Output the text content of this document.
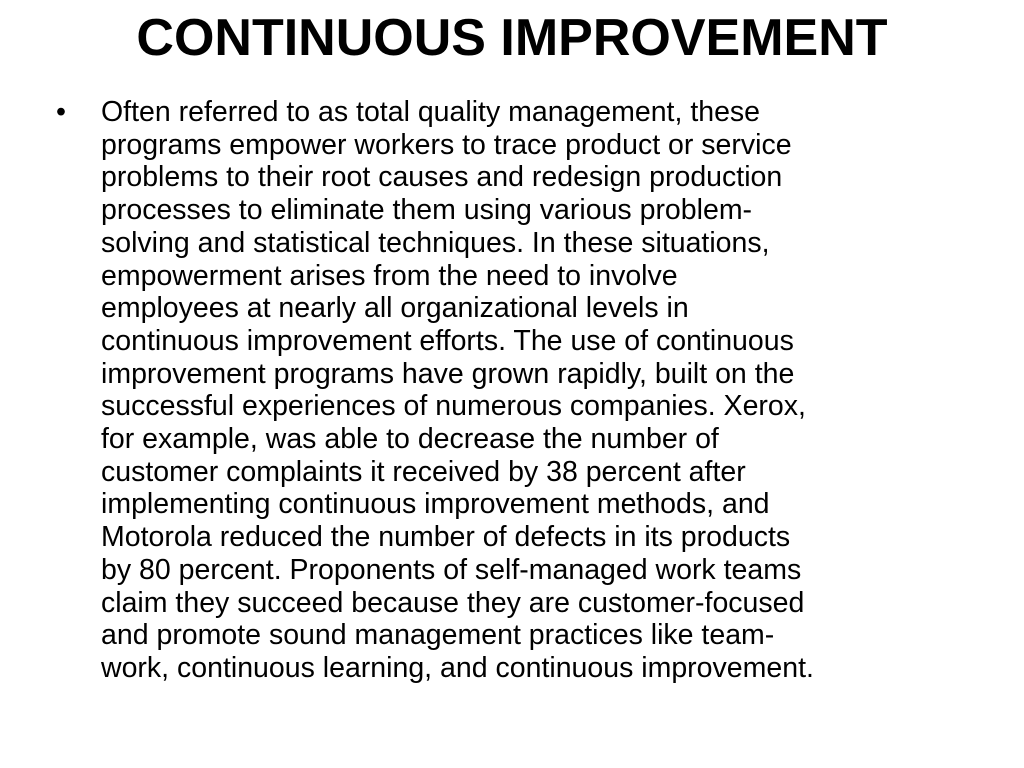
CONTINUOUS IMPROVEMENT
• Often referred to as total quality management, these
programs empower workers to trace product or service
problems to their root causes and redesign production
processes to eliminate them using various problem-
solving and statistical techniques. In these situations,
empowerment arises from the need to involve
employees at nearly all organizational levels in
continuous improvement efforts. The use of continuous
improvement programs have grown rapidly, built on the
successful experiences of numerous companies. Xerox,
for example, was able to decrease the number of
customer complaints it received by 38 percent after
implementing continuous improvement methods, and
Motorola reduced the number of defects in its products
by 80 percent. Proponents of self-managed work teams
claim they succeed because they are customer-focused
and promote sound management practices like team-
work, continuous learning, and continuous improvement.
